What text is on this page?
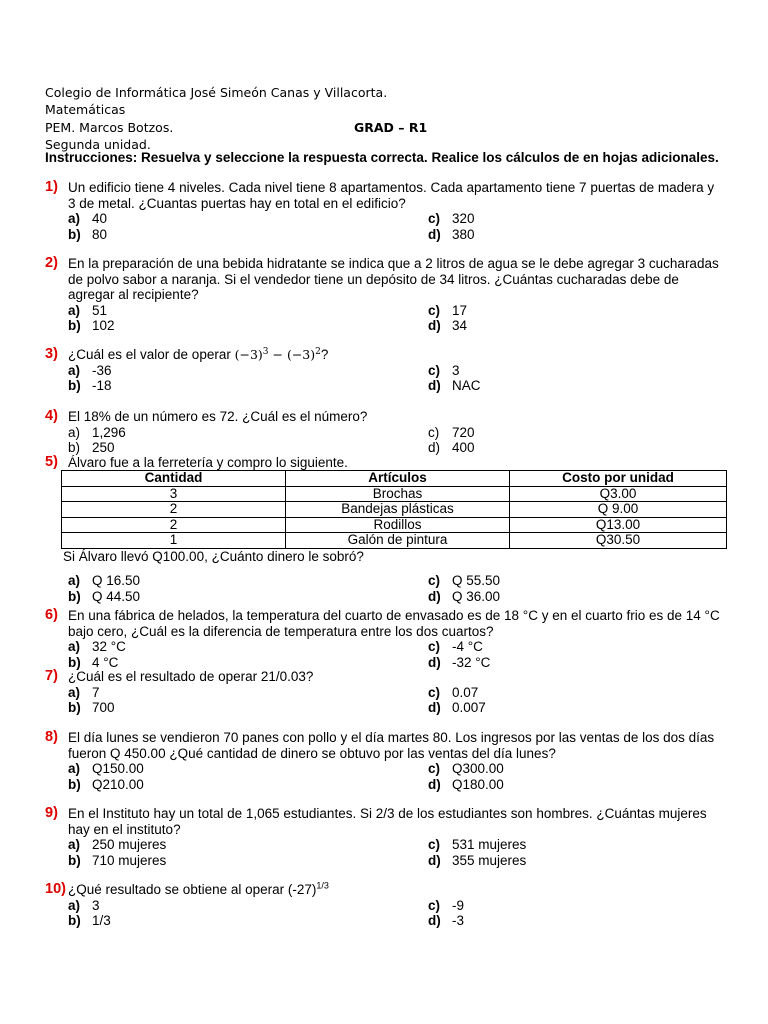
Colegio de Informática José Simeón Canas y Villacorta.
Matemáticas
PEM. Marcos Botzos.	GRAD – R1
Segunda unidad.
Instrucciones: Resuelva y seleccione la respuesta correcta. Realice los cálculos de en hojas adicionales.
1) Un edificio tiene 4 niveles. Cada nivel tiene 8 apartamentos. Cada apartamento tiene 7 puertas de madera y 3 de metal. ¿Cuantas puertas hay en total en el edificio?
a) 40
b) 80
c) 320
d) 380
2) En la preparación de una bebida hidratante se indica que a 2 litros de agua se le debe agregar 3 cucharadas de polvo sabor a naranja. Si el vendedor tiene un depósito de 34 litros. ¿Cuántas cucharadas debe de agregar al recipiente?
a) 51
b) 102
c) 17
d) 34
3) ¿Cuál es el valor de operar $(-3)^3 - (-3)^2$?
a) -36
b) -18
c) 3
d) NAC
4) El 18% de un número es 72. ¿Cuál es el número?
a) 1,296
b) 250
c) 720
d) 400
5) Álvaro fue a la ferretería y compro lo siguiente.
Cantidad	Artículos	Costo por unidad
3	Brochas	Q3.00
2	Bandejas plásticas	Q 9.00
2	Rodillos	Q13.00
1	Galón de pintura	Q30.50
Si Álvaro llevó Q100.00, ¿Cuánto dinero le sobró?
a) Q 16.50
b) Q 44.50
c) Q 55.50
d) Q 36.00
6) En una fábrica de helados, la temperatura del cuarto de envasado es de 18 °C y en el cuarto frio es de 14 °C bajo cero, ¿Cuál es la diferencia de temperatura entre los dos cuartos?
a) 32 °C
b) 4 °C
c) -4 °C
d) -32 °C
7) ¿Cuál es el resultado de operar 21/0.03?
a) 7
b) 700
c) 0.07
d) 0.007
8) El día lunes se vendieron 70 panes con pollo y el día martes 80. Los ingresos por las ventas de los dos días fueron Q 450.00 ¿Qué cantidad de dinero se obtuvo por las ventas del día lunes?
a) Q150.00
b) Q210.00
c) Q300.00
d) Q180.00
9) En el Instituto hay un total de 1,065 estudiantes. Si 2/3 de los estudiantes son hombres. ¿Cuántas mujeres hay en el instituto?
a) 250 mujeres
b) 710 mujeres
c) 531 mujeres
d) 355 mujeres
10) ¿Qué resultado se obtiene al operar $(-27)^{1/3}$
a) 3
b) 1/3
c) -9
d) -3
